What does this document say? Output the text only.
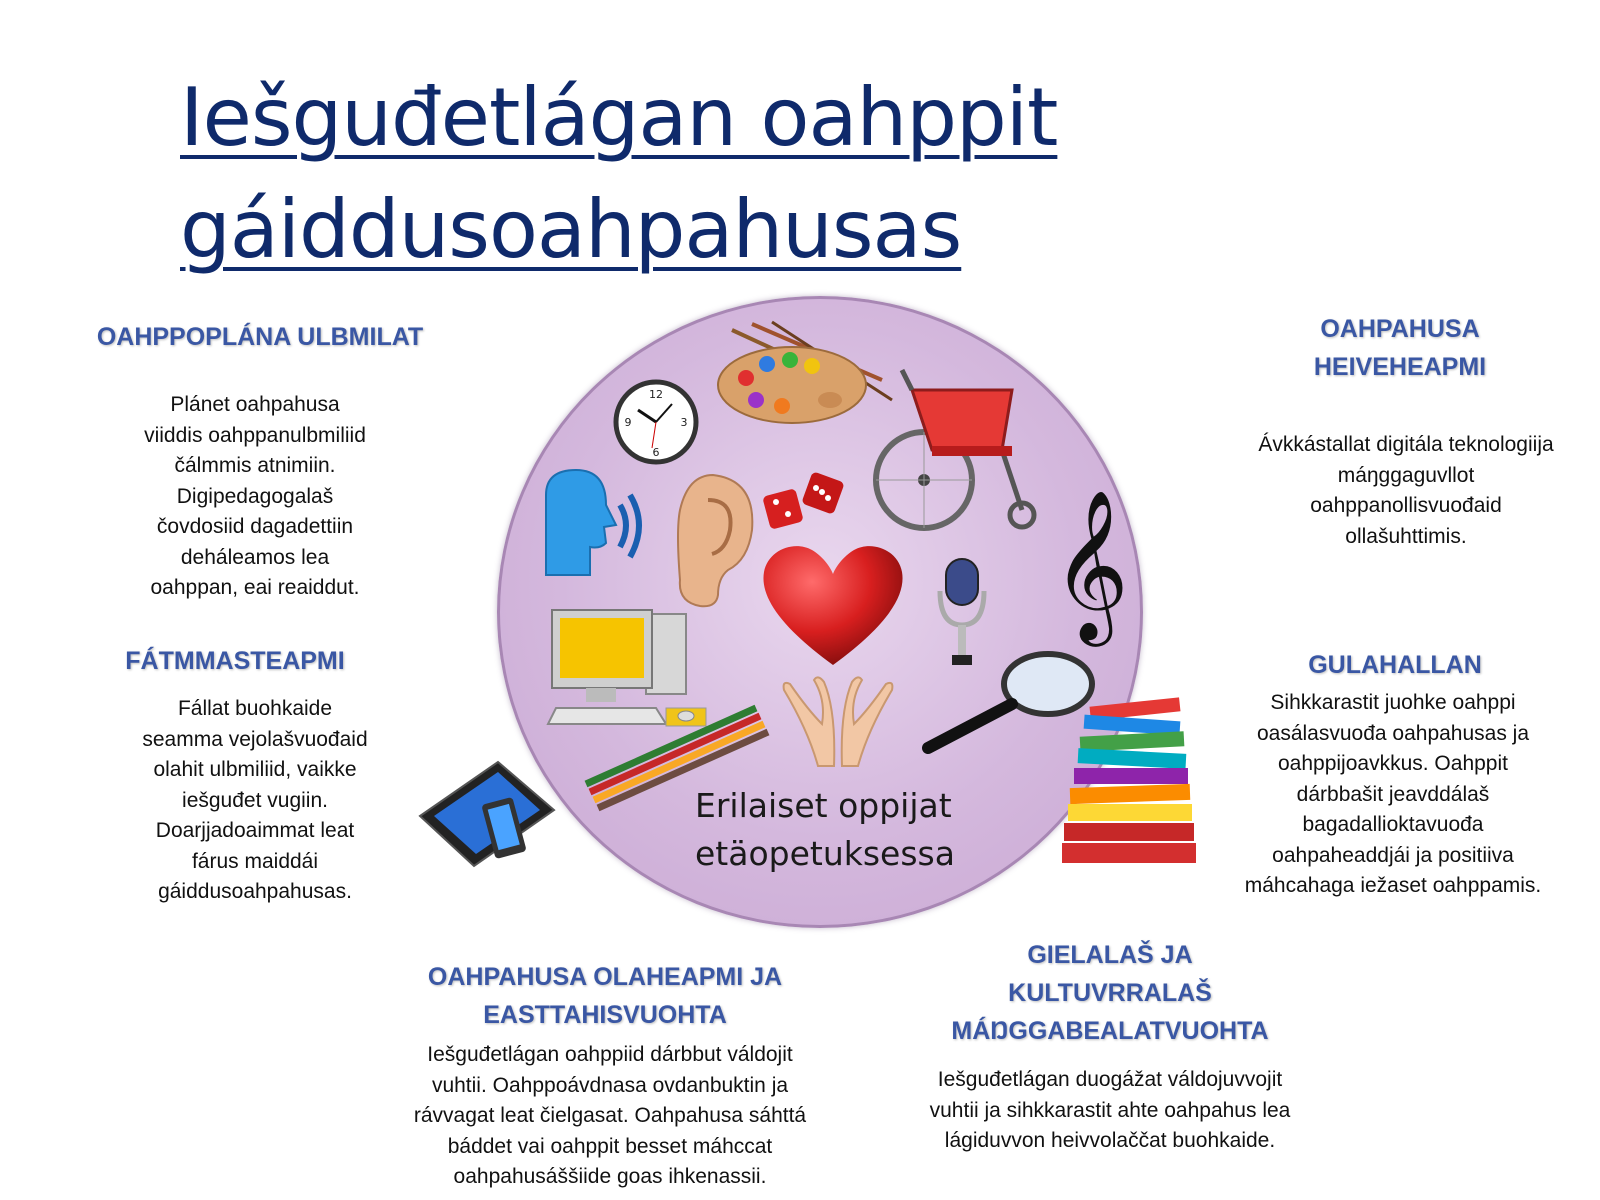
Iešguđetlágan oahppit
gáiddusoahpahusas

OAHPPOPLÁNA ULBMILAT

Plánet oahpahusa
viiddis oahppanulbmiliid
čálmmis atnimiin.
Digipedagogalaš
čovdosiid dagadettiin
deháleamos lea
oahppan, eai reaiddut.

FÁTMMASTEAPMI

Fállat buohkaide
seamma vejolašvuođaid
olahit ulbmiliid, vaikke
iešguđet vugiin.
Doarjjadoaimmat leat
fárus maiddái
gáiddusoahpahusas.

OAHPAHUSA
HEIVEHEAPMI

Ávkkástallat digitála teknologiija
máŋggaguvllot
oahppanollisvuođaid
ollašuhttimis.

GULAHALLAN

Sihkkarastit juohke oahppi
oasálasvuođa oahpahusas ja
oahppijoavkkus. Oahppit
dárbbašit jeavddálaš
bagadallioktavuođa
oahpaheaddjái ja positiiva
máhcahaga iežaset oahppamis.

OAHPAHUSA OLAHEAPMI JA
EASTTAHISVUOHTA

Iešguđetlágan oahppiid dárbbut váldojit
vuhtii. Oahppoávdnasa ovdanbuktin ja
rávvagat leat čielgasat. Oahpahusa sáhttá
báddet vai oahppit besset máhccat
oahpahusáššiide goas ihkenassii.

GIELALAŠ JA
KULTUVRRALAŠ
MÁŊGGABEALATVUOHTA

Iešguđetlágan duogážat váldojuvvojit
vuhtii ja sihkkarastit ahte oahpahus lea
lágiduvvon heivvolaččat buohkaide.

12
3
6
9
𝄞

Erilaiset oppijat
etäopetuksessa
